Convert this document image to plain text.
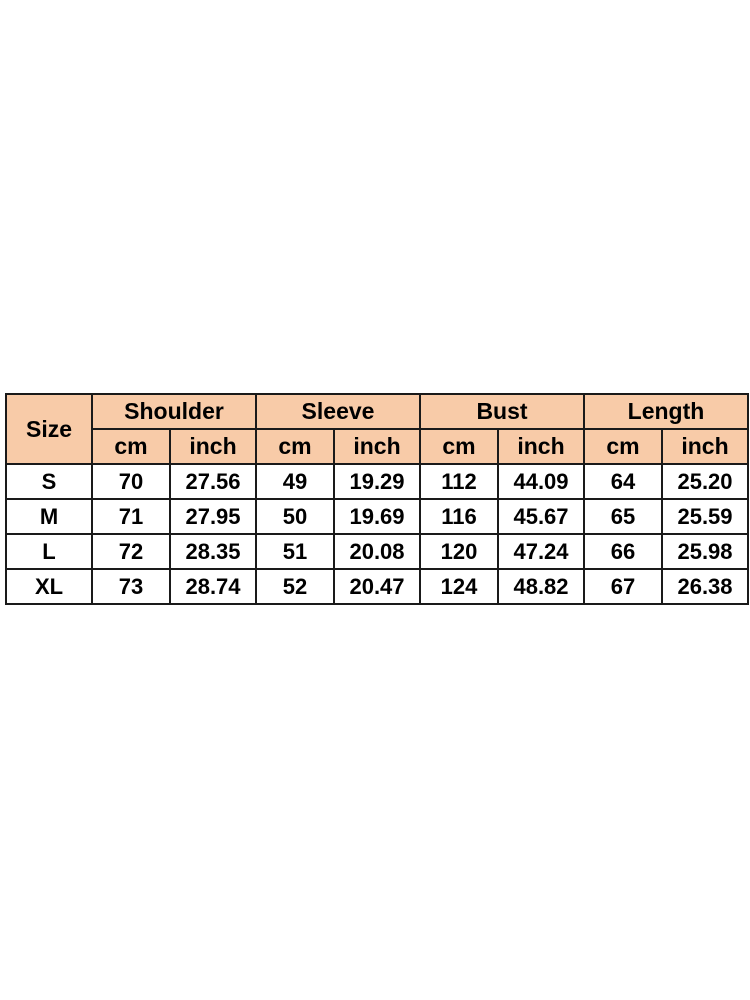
Size	Shoulder		Sleeve		Bust		Length	
	cm	inch	cm	inch	cm	inch	cm	inch
S	70	27.56	49	19.29	112	44.09	64	25.20
M	71	27.95	50	19.69	116	45.67	65	25.59
L	72	28.35	51	20.08	120	47.24	66	25.98
XL	73	28.74	52	20.47	124	48.82	67	26.38
